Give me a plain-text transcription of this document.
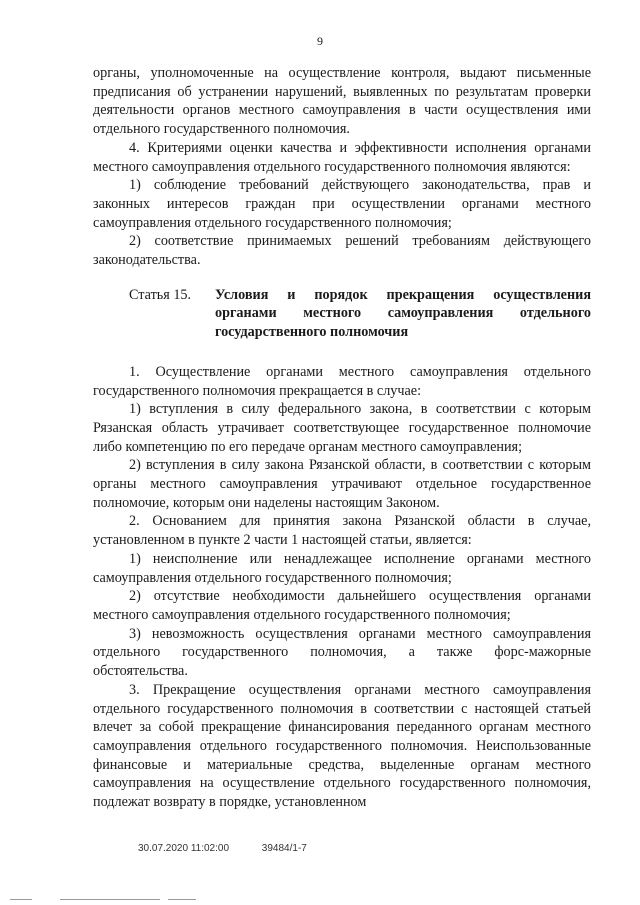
9

органы, уполномоченные на осуществление контроля, выдают письменные предписания об устранении нарушений, выявленных по результатам проверки деятельности органов местного самоуправления в части осуществления ими отдельного государственного полномочия.

4. Критериями оценки качества и эффективности исполнения органами местного самоуправления отдельного государственного полномочия являются:

1) соблюдение требований действующего законодательства, прав и законных интересов граждан при осуществлении органами местного самоуправления отдельного государственного полномочия;

2) соответствие принимаемых решений требованиям действующего законодательства.

Статья 15.	Условия и порядок прекращения осуществления органами местного самоуправления отдельного государственного полномочия

1. Осуществление органами местного самоуправления отдельного государственного полномочия прекращается в случае:

1) вступления в силу федерального закона, в соответствии с которым Рязанская область утрачивает соответствующее государственное полномочие либо компетенцию по его передаче органам местного самоуправления;

2) вступления в силу закона Рязанской области, в соответствии с которым органы местного самоуправления утрачивают отдельное государственное полномочие, которым они наделены настоящим Законом.

2. Основанием для принятия закона Рязанской области в случае, установленном в пункте 2 части 1 настоящей статьи, является:

1) неисполнение или ненадлежащее исполнение органами местного самоуправления отдельного государственного полномочия;

2) отсутствие необходимости дальнейшего осуществления органами местного самоуправления отдельного государственного полномочия;

3) невозможность осуществления органами местного самоуправления отдельного государственного полномочия, а также форс-мажорные обстоятельства.

3. Прекращение осуществления органами местного самоуправления отдельного государственного полномочия в соответствии с настоящей статьей влечет за собой прекращение финансирования переданного органам местного самоуправления отдельного государственного полномочия. Неиспользованные финансовые и материальные средства, выделенные органам местного самоуправления на осуществление отдельного государственного полномочия, подлежат возврату в порядке, установленном

30.07.2020 11:02:00	39484/1-7
